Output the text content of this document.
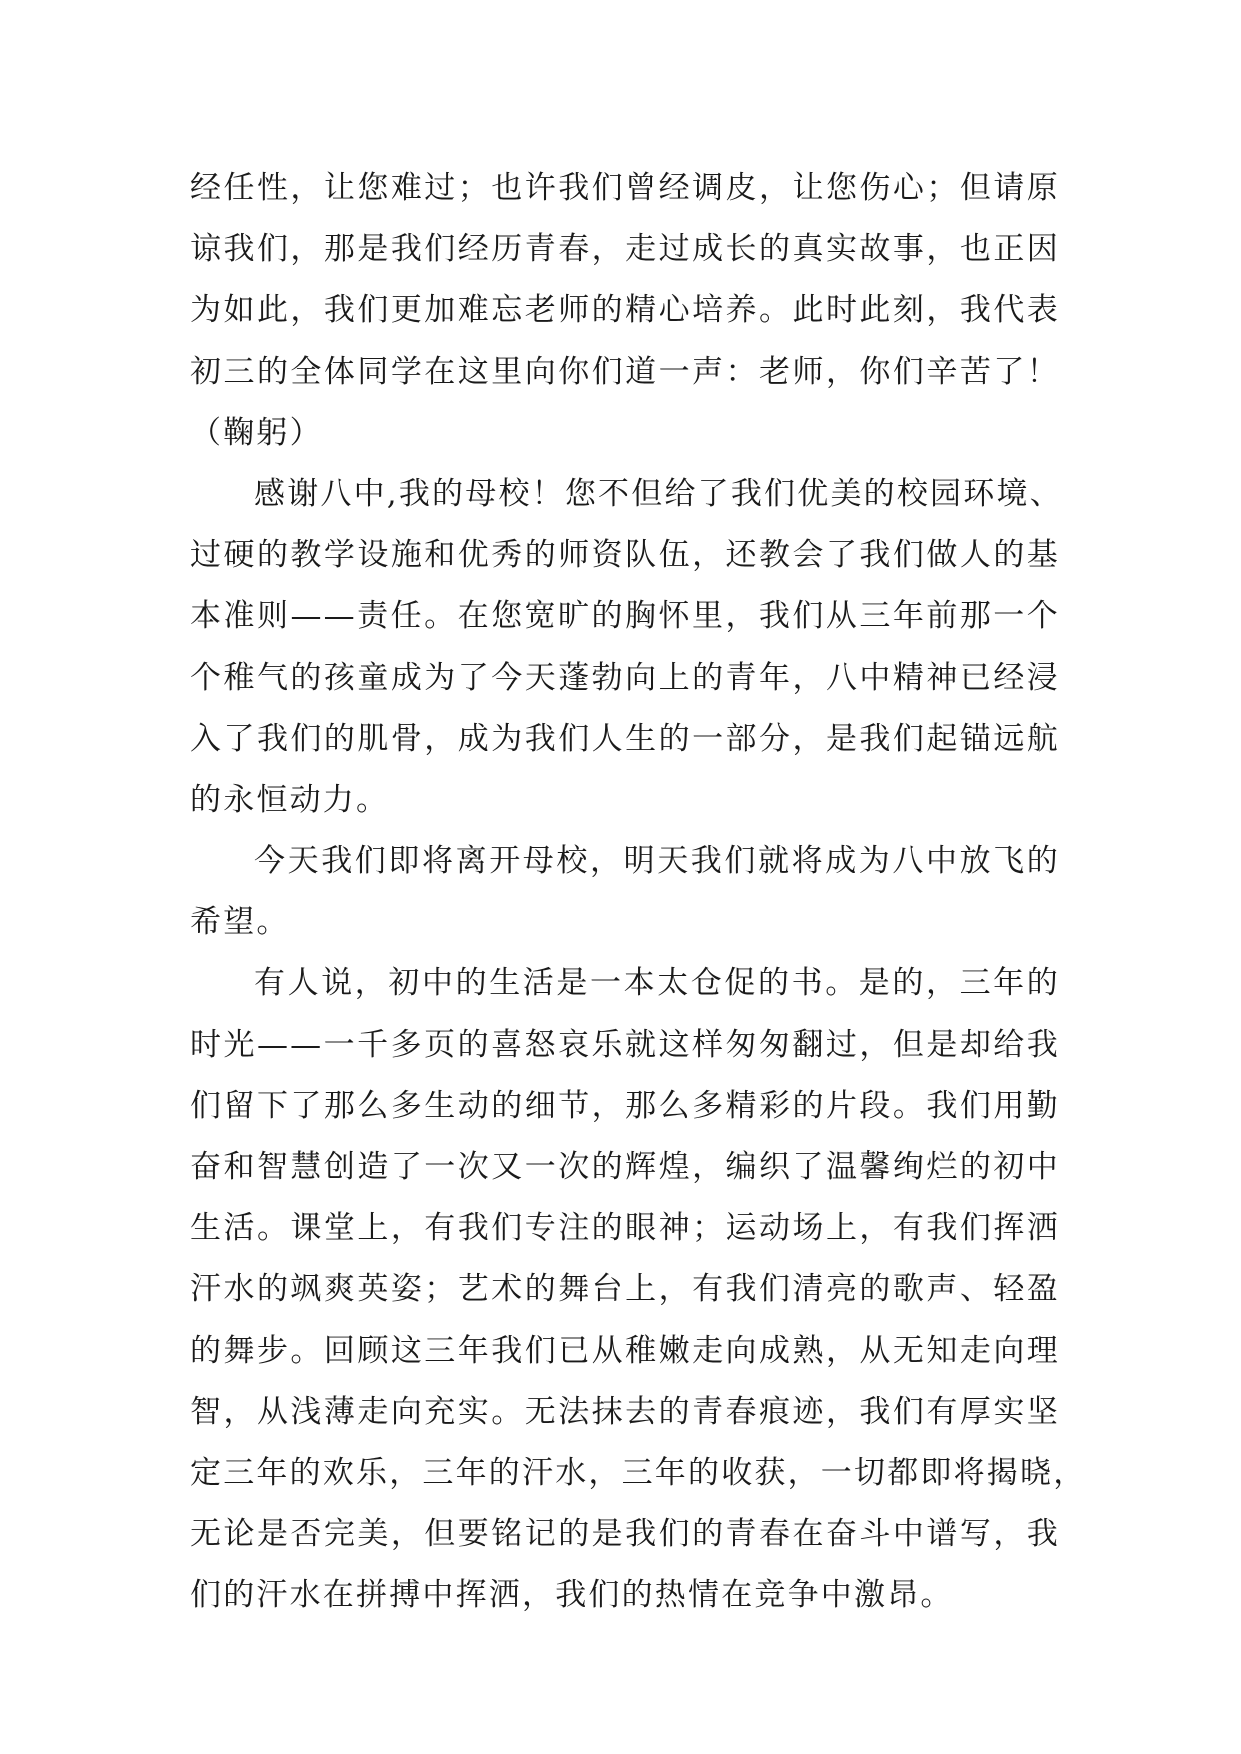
经任性，让您难过；也许我们曾经调皮，让您伤心；但请原
谅我们，那是我们经历青春，走过成长的真实故事，也正因
为如此，我们更加难忘老师的精心培养。此时此刻，我代表
初三的全体同学在这里向你们道一声：老师，你们辛苦了！
（鞠躬）
感谢八中,我的母校！您不但给了我们优美的校园环境、
过硬的教学设施和优秀的师资队伍，还教会了我们做人的基
本准则——责任。在您宽旷的胸怀里，我们从三年前那一个
个稚气的孩童成为了今天蓬勃向上的青年，八中精神已经浸
入了我们的肌骨，成为我们人生的一部分，是我们起锚远航
的永恒动力。
今天我们即将离开母校，明天我们就将成为八中放飞的
希望。
有人说，初中的生活是一本太仓促的书。是的，三年的
时光——一千多页的喜怒哀乐就这样匆匆翻过，但是却给我
们留下了那么多生动的细节，那么多精彩的片段。我们用勤
奋和智慧创造了一次又一次的辉煌，编织了温馨绚烂的初中
生活。课堂上，有我们专注的眼神；运动场上，有我们挥洒
汗水的飒爽英姿；艺术的舞台上，有我们清亮的歌声、轻盈
的舞步。回顾这三年我们已从稚嫩走向成熟，从无知走向理
智，从浅薄走向充实。无法抹去的青春痕迹，我们有厚实坚
定三年的欢乐，三年的汗水，三年的收获，一切都即将揭晓，
无论是否完美，但要铭记的是我们的青春在奋斗中谱写，我
们的汗水在拼搏中挥洒，我们的热情在竞争中激昂。
